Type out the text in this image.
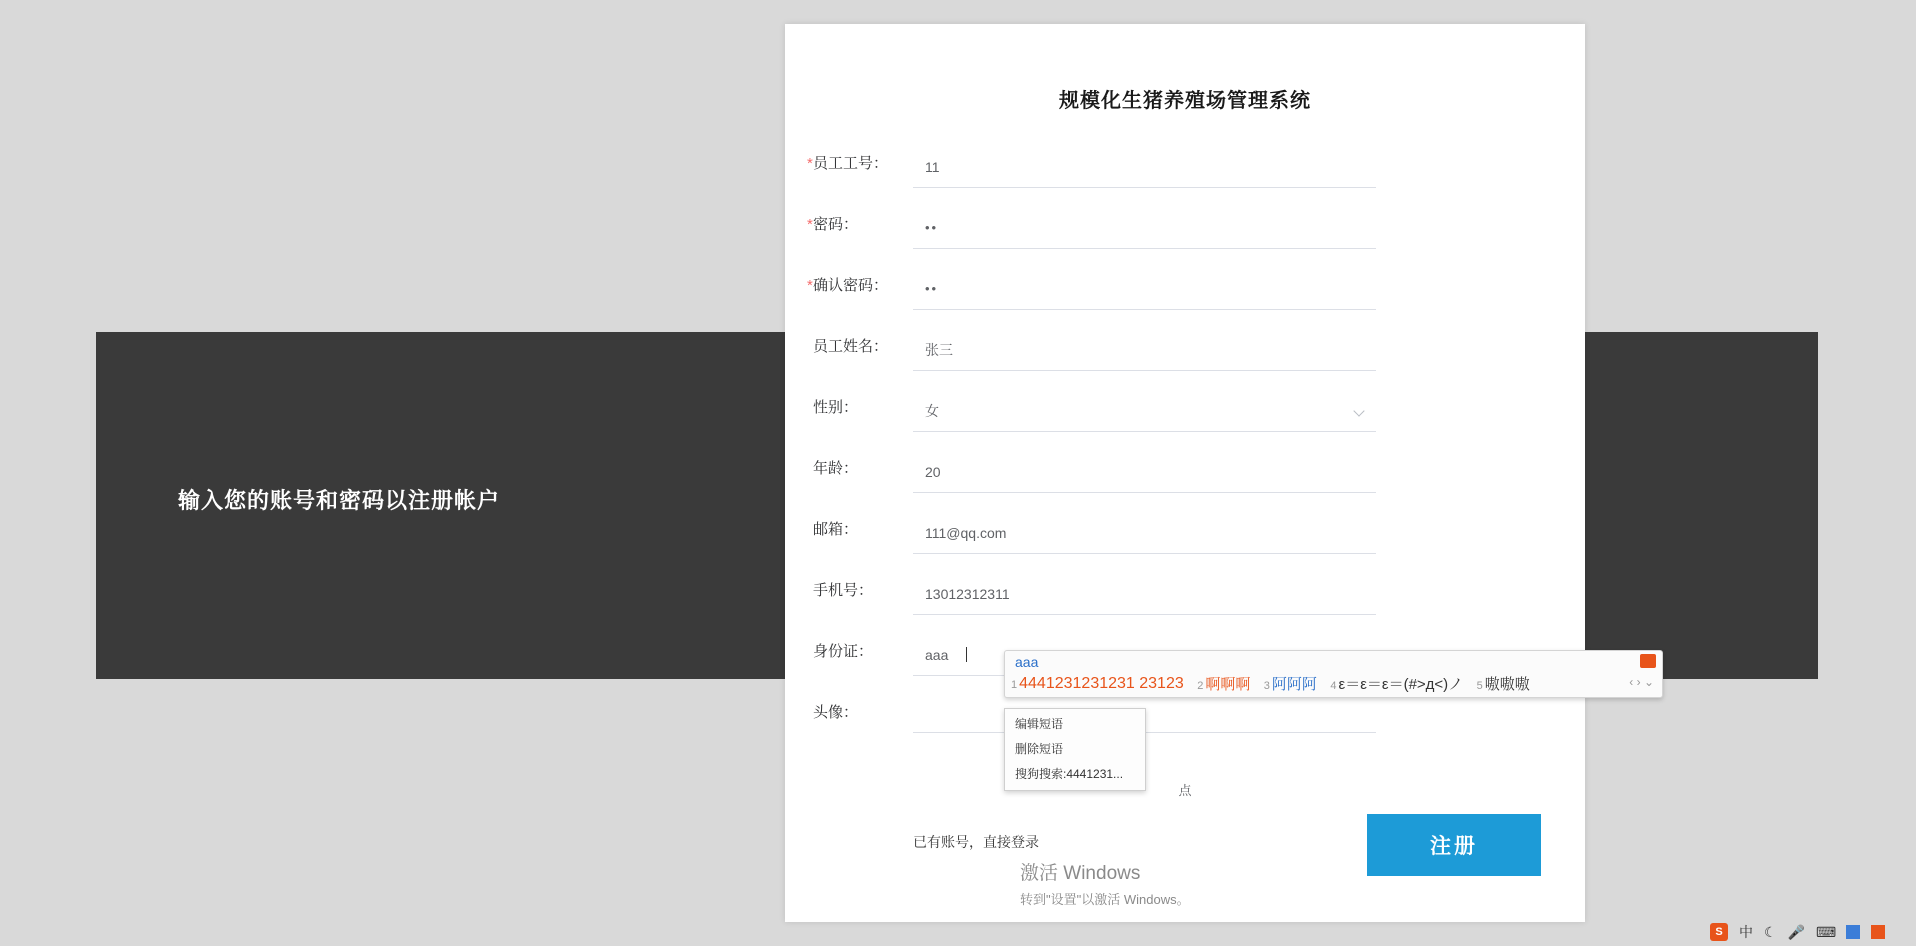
输入您的账号和密码以注册帐户
规模化生猪养殖场管理系统
* 员工工号：	11
* 密码：	••
* 确认密码：	••
员工姓名：	张三
性别：	女
年龄：	20
邮箱：	111@qq.com
手机号：	13012312311
身份证：	aaa
头像：
点
已有账号，直接登录	注册
aaa
1 4441231231231 23123 2 啊啊啊 3 阿阿阿 4 ε＝ε＝ε＝(#>д<)ノ 5 嗷嗷嗷	‹ › ⌄
编辑短语
删除短语
搜狗搜索:4441231...
激活 Windows
转到"设置"以激活 Windows。
S	中 ☾ 🎤 ⌨
